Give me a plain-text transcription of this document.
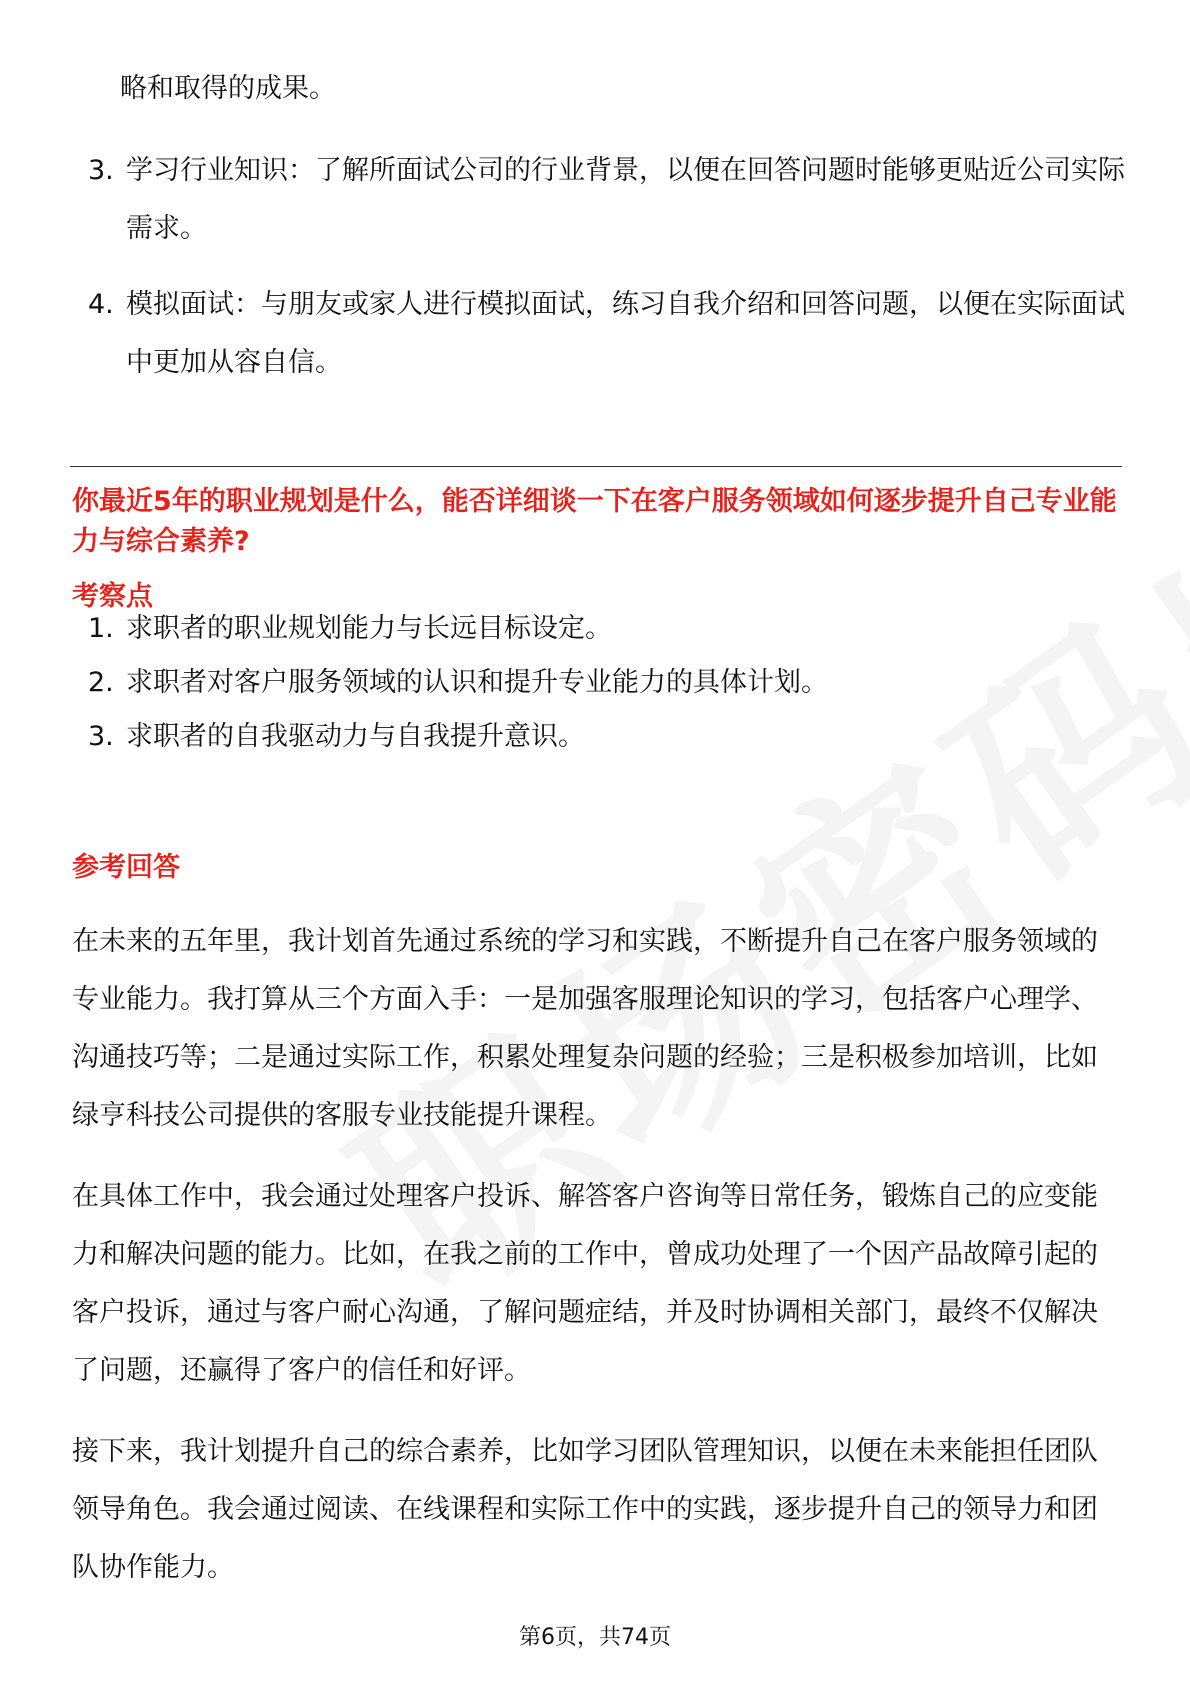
略和取得的成果。

3. 学习行业知识：了解所面试公司的行业背景，以便在回答问题时能够更贴近公司实际需求。
4. 模拟面试：与朋友或家人进行模拟面试，练习自我介绍和回答问题，以便在实际面试中更加从容自信。

你最近5年的职业规划是什么，能否详细谈一下在客户服务领域如何逐步提升自己专业能力与综合素养?

考察点

1. 求职者的职业规划能力与长远目标设定。
2. 求职者对客户服务领域的认识和提升专业能力的具体计划。
3. 求职者的自我驱动力与自我提升意识。

参考回答

在未来的五年里，我计划首先通过系统的学习和实践，不断提升自己在客户服务领域的专业能力。我打算从三个方面入手：一是加强客服理论知识的学习，包括客户心理学、沟通技巧等；二是通过实际工作，积累处理复杂问题的经验；三是积极参加培训，比如绿亨科技公司提供的客服专业技能提升课程。

在具体工作中，我会通过处理客户投诉、解答客户咨询等日常任务，锻炼自己的应变能力和解决问题的能力。比如，在我之前的工作中，曾成功处理了一个因产品故障引起的客户投诉，通过与客户耐心沟通，了解问题症结，并及时协调相关部门，最终不仅解决了问题，还赢得了客户的信任和好评。

接下来，我计划提升自己的综合素养，比如学习团队管理知识，以便在未来能担任团队领导角色。我会通过阅读、在线课程和实际工作中的实践，逐步提升自己的领导力和团队协作能力。

第6页，共74页
